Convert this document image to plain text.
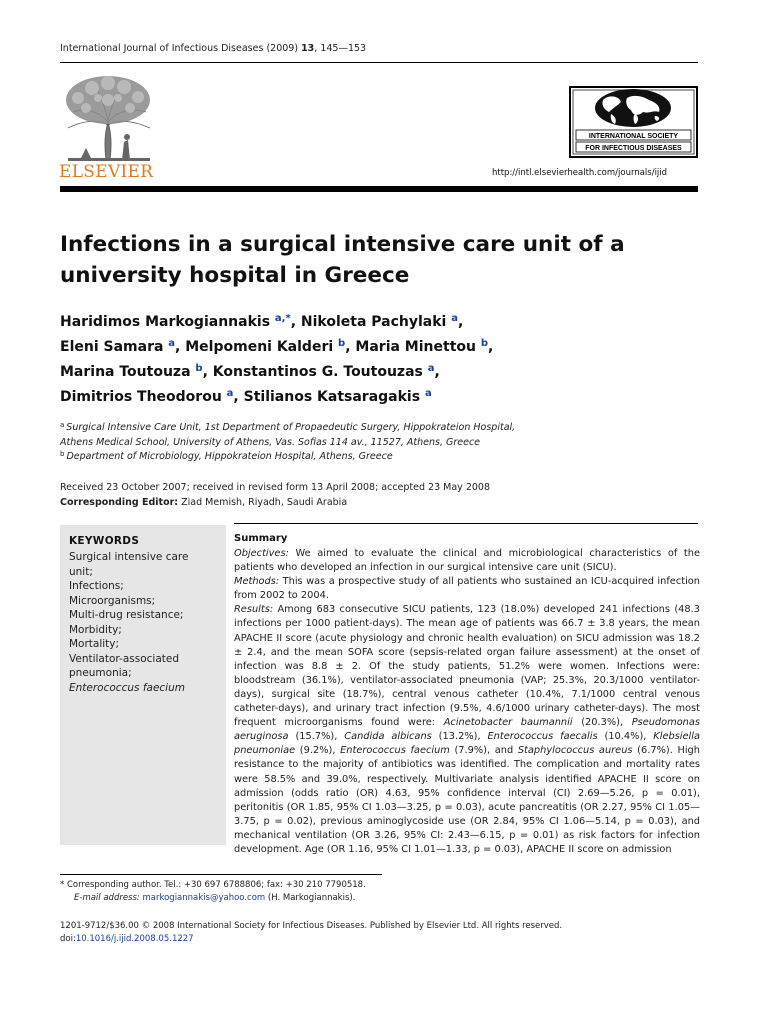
International Journal of Infectious Diseases (2009) 13, 145—153
ELSEVIER
INTERNATIONAL SOCIETY
FOR INFECTIOUS DISEASES
http://intl.elsevierhealth.com/journals/ijid
Infections in a surgical intensive care unit of a university hospital in Greece
Haridimos Markogiannakis $^{a,*}$, Nikoleta Pachylaki $^a$,
Eleni Samara $^a$, Melpomeni Kalderi $^b$, Maria Minettou $^b$,
Marina Toutouza $^b$, Konstantinos G. Toutouzas $^a$,
Dimitrios Theodorou $^a$, Stilianos Katsaragakis $^a$
$^a$ Surgical Intensive Care Unit, 1st Department of Propaedeutic Surgery, Hippokrateion Hospital,
Athens Medical School, University of Athens, Vas. Sofias 114 av., 11527, Athens, Greece
$^b$ Department of Microbiology, Hippokrateion Hospital, Athens, Greece
Received 23 October 2007; received in revised form 13 April 2008; accepted 23 May 2008
Corresponding Editor: Ziad Memish, Riyadh, Saudi Arabia
KEYWORDS
Surgical intensive care
unit;
Infections;
Microorganisms;
Multi-drug resistance;
Morbidity;
Mortality;
Ventilator-associated
pneumonia;
Enterococcus faecium
Summary
Objectives: We aimed to evaluate the clinical and microbiological characteristics of the patients who developed an infection in our surgical intensive care unit (SICU).
Methods: This was a prospective study of all patients who sustained an ICU-acquired infection from 2002 to 2004.
Results: Among 683 consecutive SICU patients, 123 (18.0%) developed 241 infections (48.3 infections per 1000 patient-days). The mean age of patients was 66.7 ± 3.8 years, the mean APACHE II score (acute physiology and chronic health evaluation) on SICU admission was 18.2 ± 2.4, and the mean SOFA score (sepsis-related organ failure assessment) at the onset of infection was 8.8 ± 2. Of the study patients, 51.2% were women. Infections were: bloodstream (36.1%), ventilator-associated pneumonia (VAP; 25.3%, 20.3/1000 ventilator-days), surgical site (18.7%), central venous catheter (10.4%, 7.1/1000 central venous catheter-days), and urinary tract infection (9.5%, 4.6/1000 urinary catheter-days). The most frequent microorganisms found were: Acinetobacter baumannii (20.3%), Pseudomonas aeruginosa (15.7%), Candida albicans (13.2%), Enterococcus faecalis (10.4%), Klebsiella pneumoniae (9.2%), Enterococcus faecium (7.9%), and Staphylococcus aureus (6.7%). High resistance to the majority of antibiotics was identified. The complication and mortality rates were 58.5% and 39.0%, respectively. Multivariate analysis identified APACHE II score on admission (odds ratio (OR) 4.63, 95% confidence interval (CI) 2.69—5.26, p = 0.01), peritonitis (OR 1.85, 95% CI 1.03—3.25, p = 0.03), acute pancreatitis (OR 2.27, 95% CI 1.05—3.75, p = 0.02), previous aminoglycoside use (OR 2.84, 95% CI 1.06—5.14, p = 0.03), and mechanical ventilation (OR 3.26, 95% CI: 2.43—6.15, p = 0.01) as risk factors for infection development. Age (OR 1.16, 95% CI 1.01—1.33, p = 0.03), APACHE II score on admission
* Corresponding author. Tel.: +30 697 6788806; fax: +30 210 7790518.
E-mail address: markogiannakis@yahoo.com (H. Markogiannakis).
1201-9712/$36.00 © 2008 International Society for Infectious Diseases. Published by Elsevier Ltd. All rights reserved.
doi:10.1016/j.ijid.2008.05.1227
